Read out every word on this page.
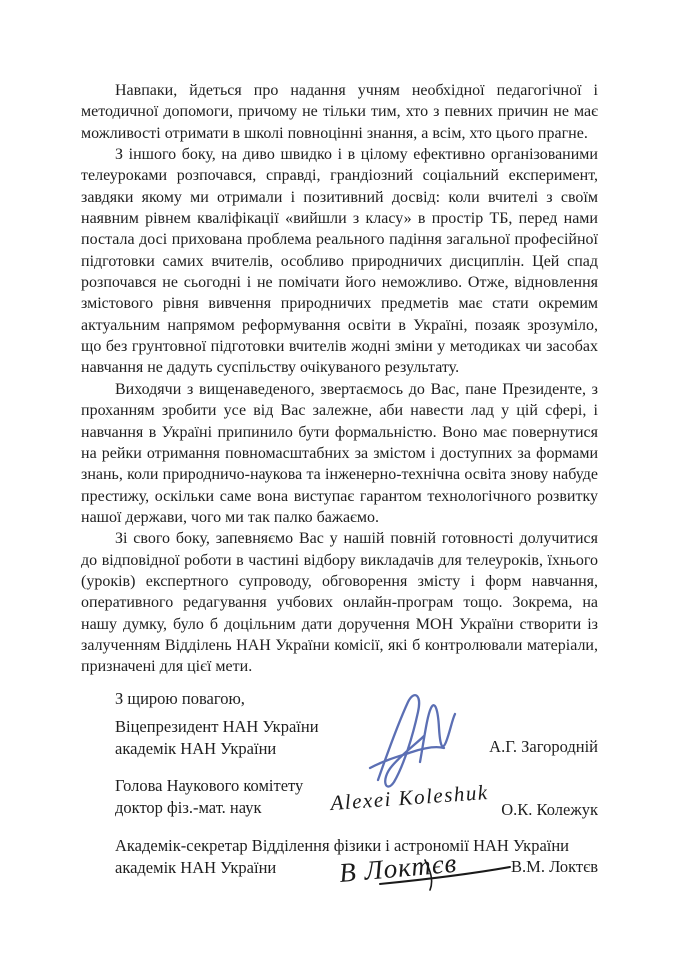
Навпаки, йдеться про надання учням необхідної педагогічної і методичної допомоги, причому не тільки тим, хто з певних причин не має можливості отримати в школі повноцінні знання, а всім, хто цього прагне.

З іншого боку, на диво швидко і в цілому ефективно організованими телеуроками розпочався, справді, грандіозний соціальний експеримент, завдяки якому ми отримали і позитивний досвід: коли вчителі з своїм наявним рівнем кваліфікації «вийшли з класу» в простір ТБ, перед нами постала досі прихована проблема реального падіння загальної професійної підготовки самих вчителів, особливо природничих дисциплін. Цей спад розпочався не сьогодні і не помічати його неможливо. Отже, відновлення змістового рівня вивчення природничих предметів має стати окремим актуальним напрямом реформування освіти в Україні, позаяк зрозуміло, що без грунтовної підготовки вчителів жодні зміни у методиках чи засобах навчання не дадуть суспільству очікуваного результату.

Виходячи з вищенаведеного, звертаємось до Вас, пане Президенте, з проханням зробити усе від Вас залежне, аби навести лад у цій сфері, і навчання в Україні припинило бути формальністю. Воно має повернутися на рейки отримання повномасштабних за змістом і доступних за формами знань, коли природничо-наукова та інженерно-технічна освіта знову набуде престижу, оскільки саме вона виступає гарантом технологічного розвитку нашої держави, чого ми так палко бажаємо.

Зі свого боку, запевняємо Вас у нашій повній готовності долучитися до відповідної роботи в частині відбору викладачів для телеуроків, їхнього (уроків) експертного супроводу, обговорення змісту і форм навчання, оперативного редагування учбових онлайн-програм тощо. Зокрема, на нашу думку, було б доцільним дати доручення МОН України створити із залученням Відділень НАН України комісії, які б контролювали матеріали, призначені для цієї мети.

З щирою повагою,
Віцепрезидент НАН України
академік НАН України	А.Г. Загородній
Голова Наукового комітету
доктор фіз.-мат. наук	Alexei Koleshuk О.К. Колежук
Академік-секретар Відділення фізики і астрономії НАН України
академік НАН України	В Локтєв	В.М. Локтєв
